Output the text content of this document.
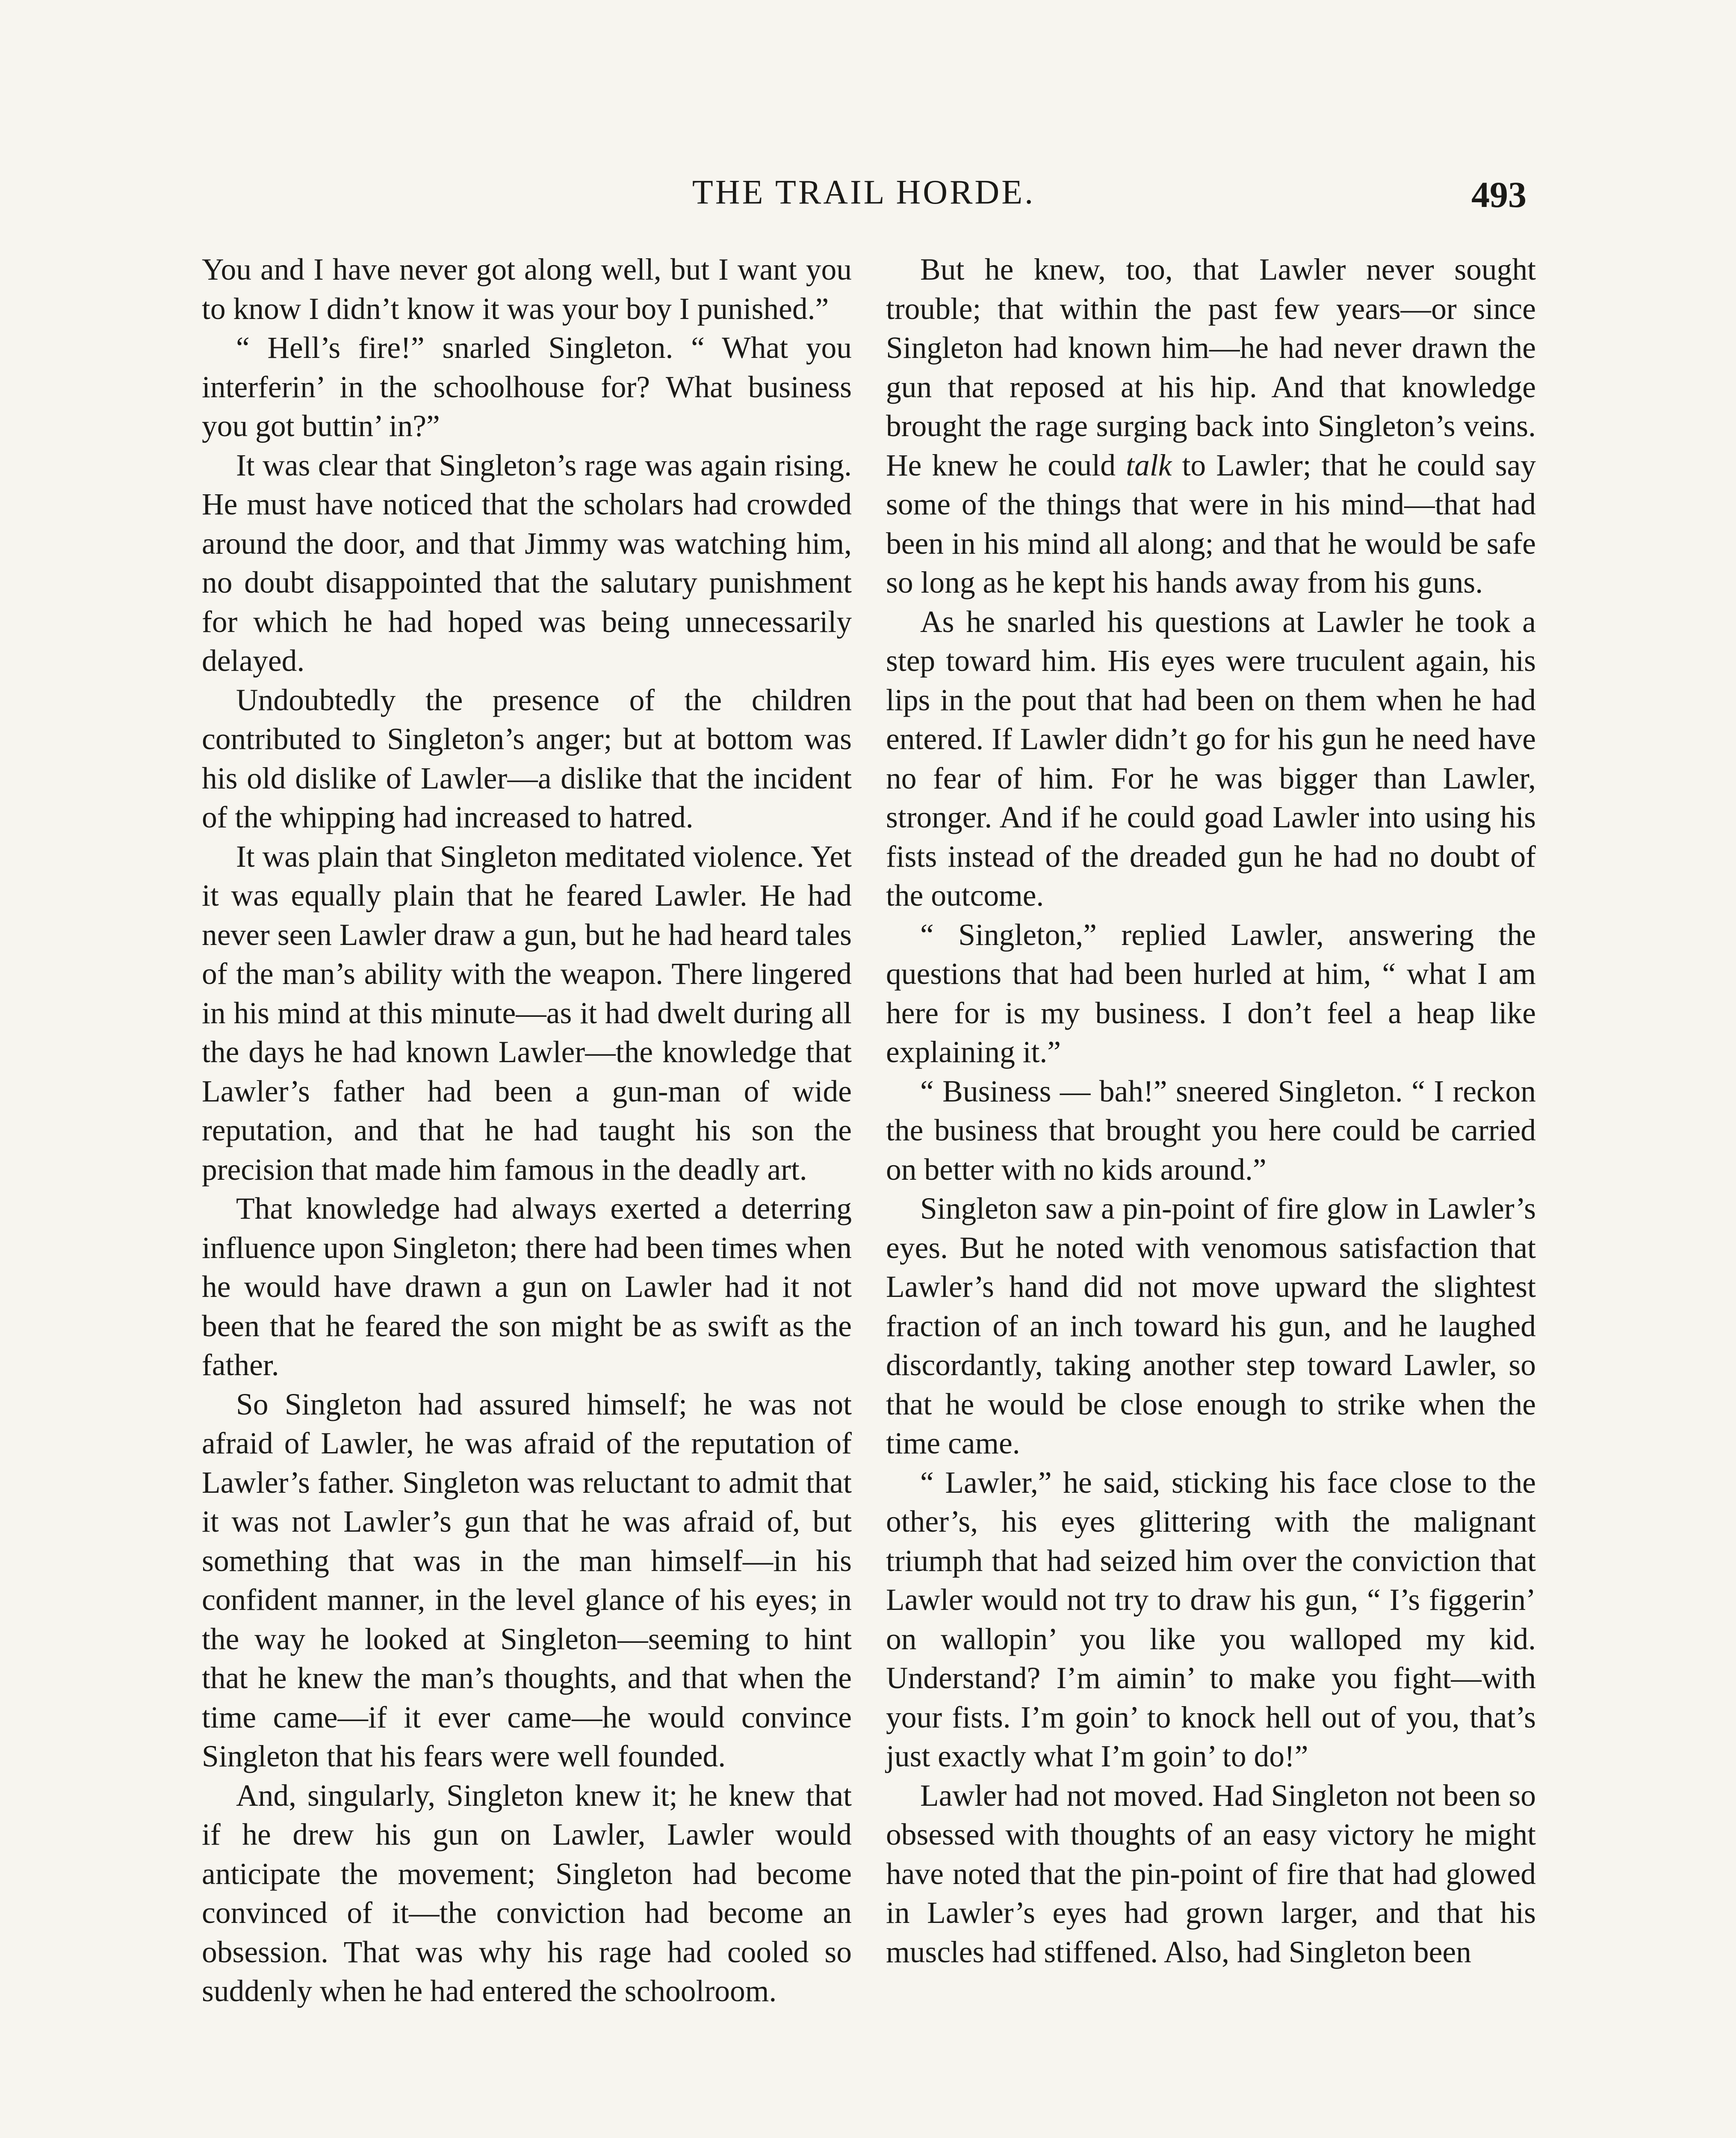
THE TRAIL HORDE.	493

You and I have never got along well, but I want you to know I didn’t know it was your boy I punished.”

“ Hell’s fire!” snarled Singleton. “ What you interferin’ in the schoolhouse for? What business you got buttin’ in?”

It was clear that Singleton’s rage was again rising. He must have noticed that the scholars had crowded around the door, and that Jimmy was watching him, no doubt disappointed that the salutary punishment for which he had hoped was being unnecessarily delayed.

Undoubtedly the presence of the children contributed to Singleton’s anger; but at bottom was his old dislike of Lawler—a dislike that the incident of the whipping had increased to hatred.

It was plain that Singleton meditated violence. Yet it was equally plain that he feared Lawler. He had never seen Lawler draw a gun, but he had heard tales of the man’s ability with the weapon. There lingered in his mind at this minute—as it had dwelt during all the days he had known Lawler—the knowledge that Lawler’s father had been a gun-man of wide reputation, and that he had taught his son the precision that made him famous in the deadly art.

That knowledge had always exerted a deterring influence upon Singleton; there had been times when he would have drawn a gun on Lawler had it not been that he feared the son might be as swift as the father.

So Singleton had assured himself; he was not afraid of Lawler, he was afraid of the reputation of Lawler’s father. Singleton was reluctant to admit that it was not Lawler’s gun that he was afraid of, but something that was in the man himself—in his confident manner, in the level glance of his eyes; in the way he looked at Singleton—seeming to hint that he knew the man’s thoughts, and that when the time came—if it ever came—he would convince Singleton that his fears were well founded.

And, singularly, Singleton knew it; he knew that if he drew his gun on Lawler, Lawler would anticipate the movement; Singleton had become convinced of it—the conviction had become an obsession. That was why his rage had cooled so suddenly when he had entered the schoolroom.

But he knew, too, that Lawler never sought trouble; that within the past few years—or since Singleton had known him—he had never drawn the gun that reposed at his hip. And that knowledge brought the rage surging back into Singleton’s veins. He knew he could talk to Lawler; that he could say some of the things that were in his mind—that had been in his mind all along; and that he would be safe so long as he kept his hands away from his guns.

As he snarled his questions at Lawler he took a step toward him. His eyes were truculent again, his lips in the pout that had been on them when he had entered. If Lawler didn’t go for his gun he need have no fear of him. For he was bigger than Lawler, stronger. And if he could goad Lawler into using his fists instead of the dreaded gun he had no doubt of the outcome.

“ Singleton,” replied Lawler, answering the questions that had been hurled at him, “ what I am here for is my business. I don’t feel a heap like explaining it.”

“ Business — bah!” sneered Singleton. “ I reckon the business that brought you here could be carried on better with no kids around.”

Singleton saw a pin-point of fire glow in Lawler’s eyes. But he noted with venomous satisfaction that Lawler’s hand did not move upward the slightest fraction of an inch toward his gun, and he laughed discordantly, taking another step toward Lawler, so that he would be close enough to strike when the time came.

“ Lawler,” he said, sticking his face close to the other’s, his eyes glittering with the malignant triumph that had seized him over the conviction that Lawler would not try to draw his gun, “ I’s figgerin’ on wallopin’ you like you walloped my kid. Understand? I’m aimin’ to make you fight—with your fists. I’m goin’ to knock hell out of you, that’s just exactly what I’m goin’ to do!”

Lawler had not moved. Had Singleton not been so obsessed with thoughts of an easy victory he might have noted that the pin-point of fire that had glowed in Lawler’s eyes had grown larger, and that his muscles had stiffened. Also, had Singleton been
